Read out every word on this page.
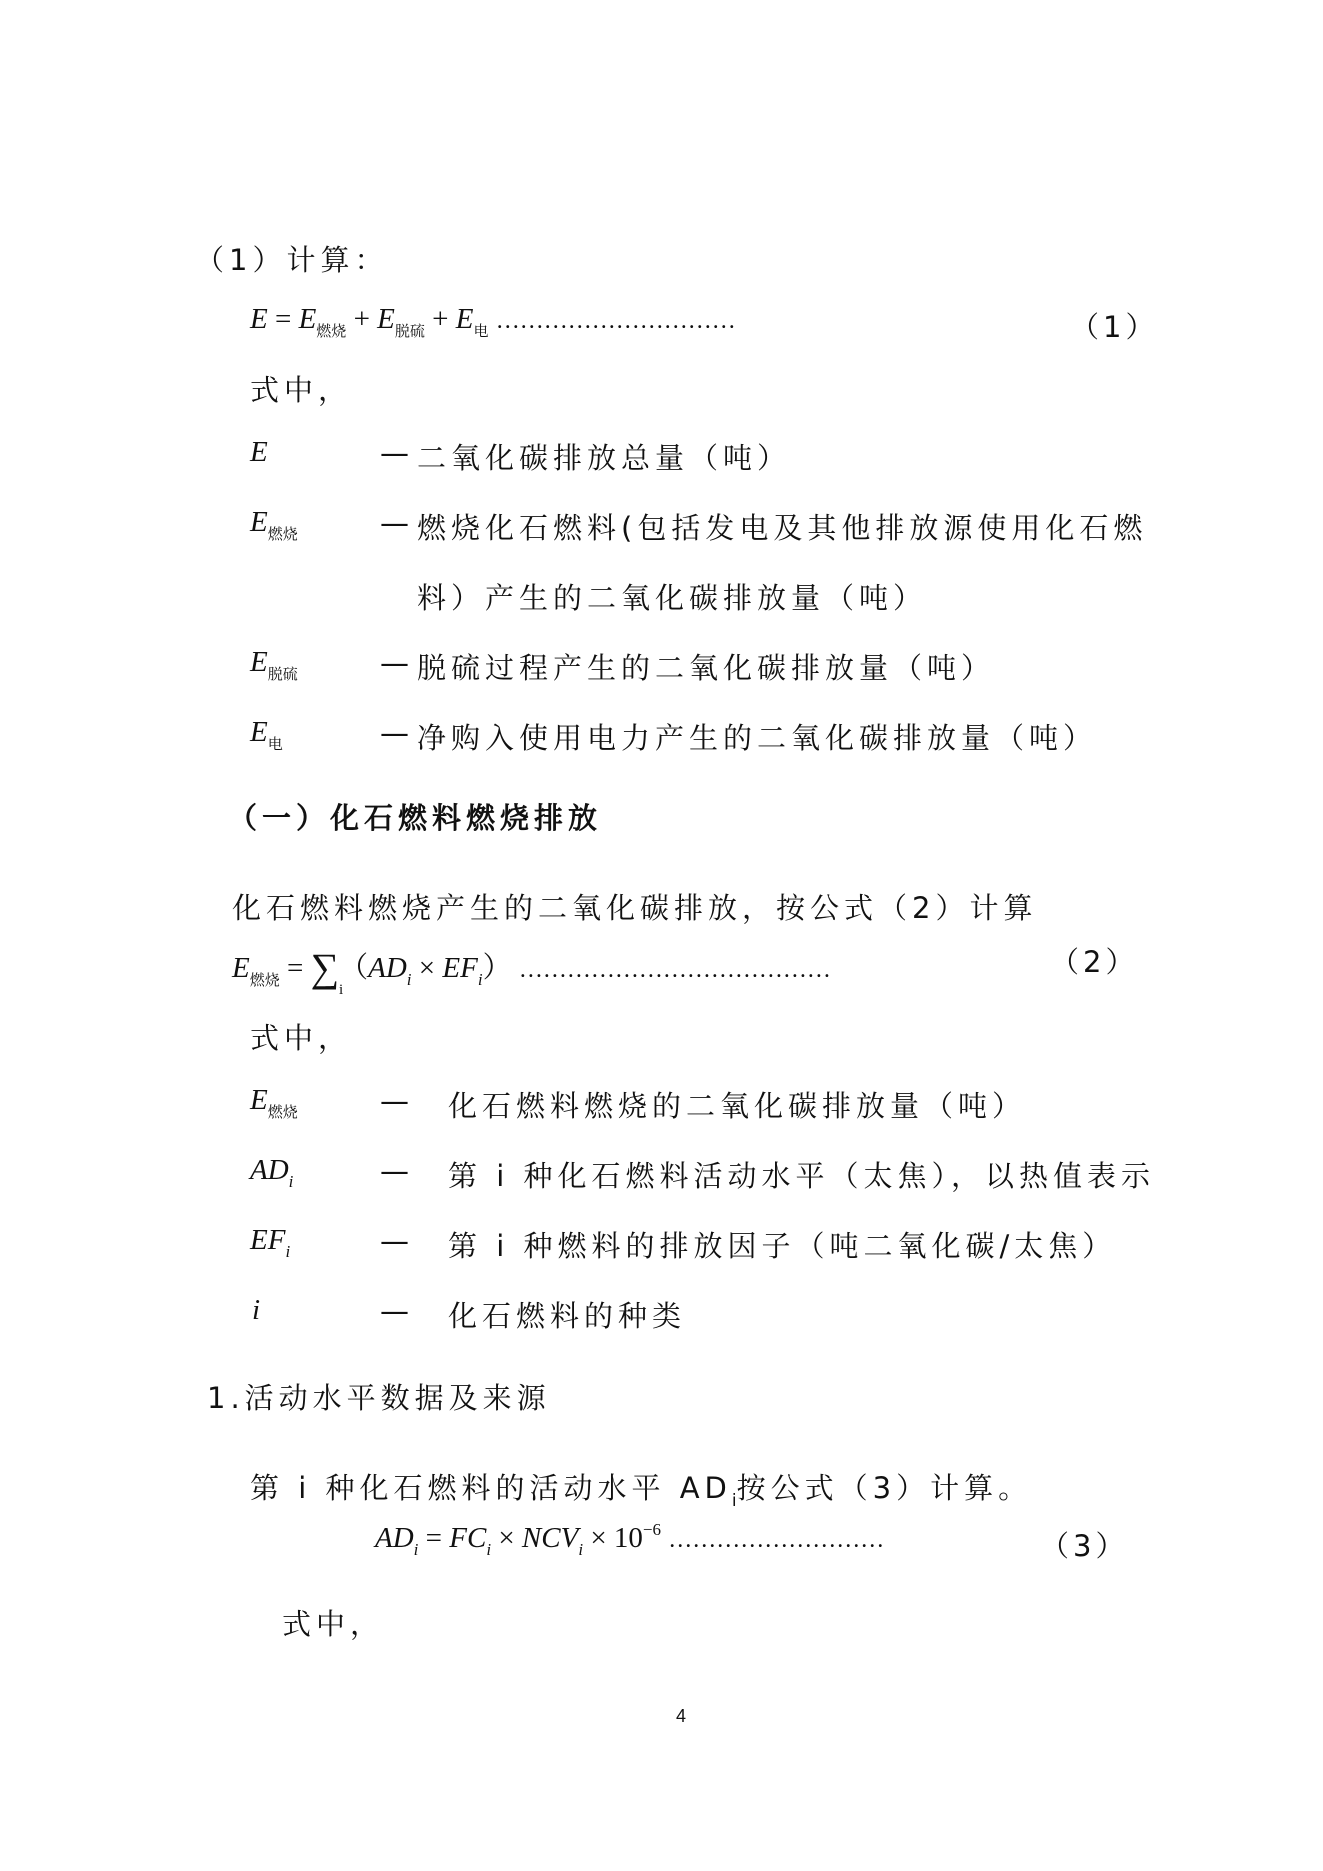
（1）计算：
$E = E_{燃烧} + E_{脱硫} + E_电$ …………………………	（1）
式中，
E	— 二氧化碳排放总量（吨）
$E_{燃烧}$	— 燃烧化石燃料(包括发电及其他排放源使用化石燃
料）产生的二氧化碳排放量（吨）
$E_{脱硫}$	— 脱硫过程产生的二氧化碳排放量（吨）
$E_电$	— 净购入使用电力产生的二氧化碳排放量（吨）
（一）化石燃料燃烧排放
化石燃料燃烧产生的二氧化碳排放，按公式（2）计算
$E_{燃烧} = \sum(AD_i \times EF_i)$ …………………………………
i
（2）
式中，
$E_{燃烧}$	— 化石燃料燃烧的二氧化碳排放量（吨）
$AD_i$	— 第 i 种化石燃料活动水平（太焦），以热值表示
$EF_i$	— 第 i 种燃料的排放因子（吨二氧化碳/太焦）
i	— 化石燃料的种类
1.活动水平数据及来源
第 i 种化石燃料的活动水平 $AD_i$按公式（3）计算。
$AD_i = FC_i \times NCV_i \times 10^{-6}$ ………………………	（3）
式中，
4
